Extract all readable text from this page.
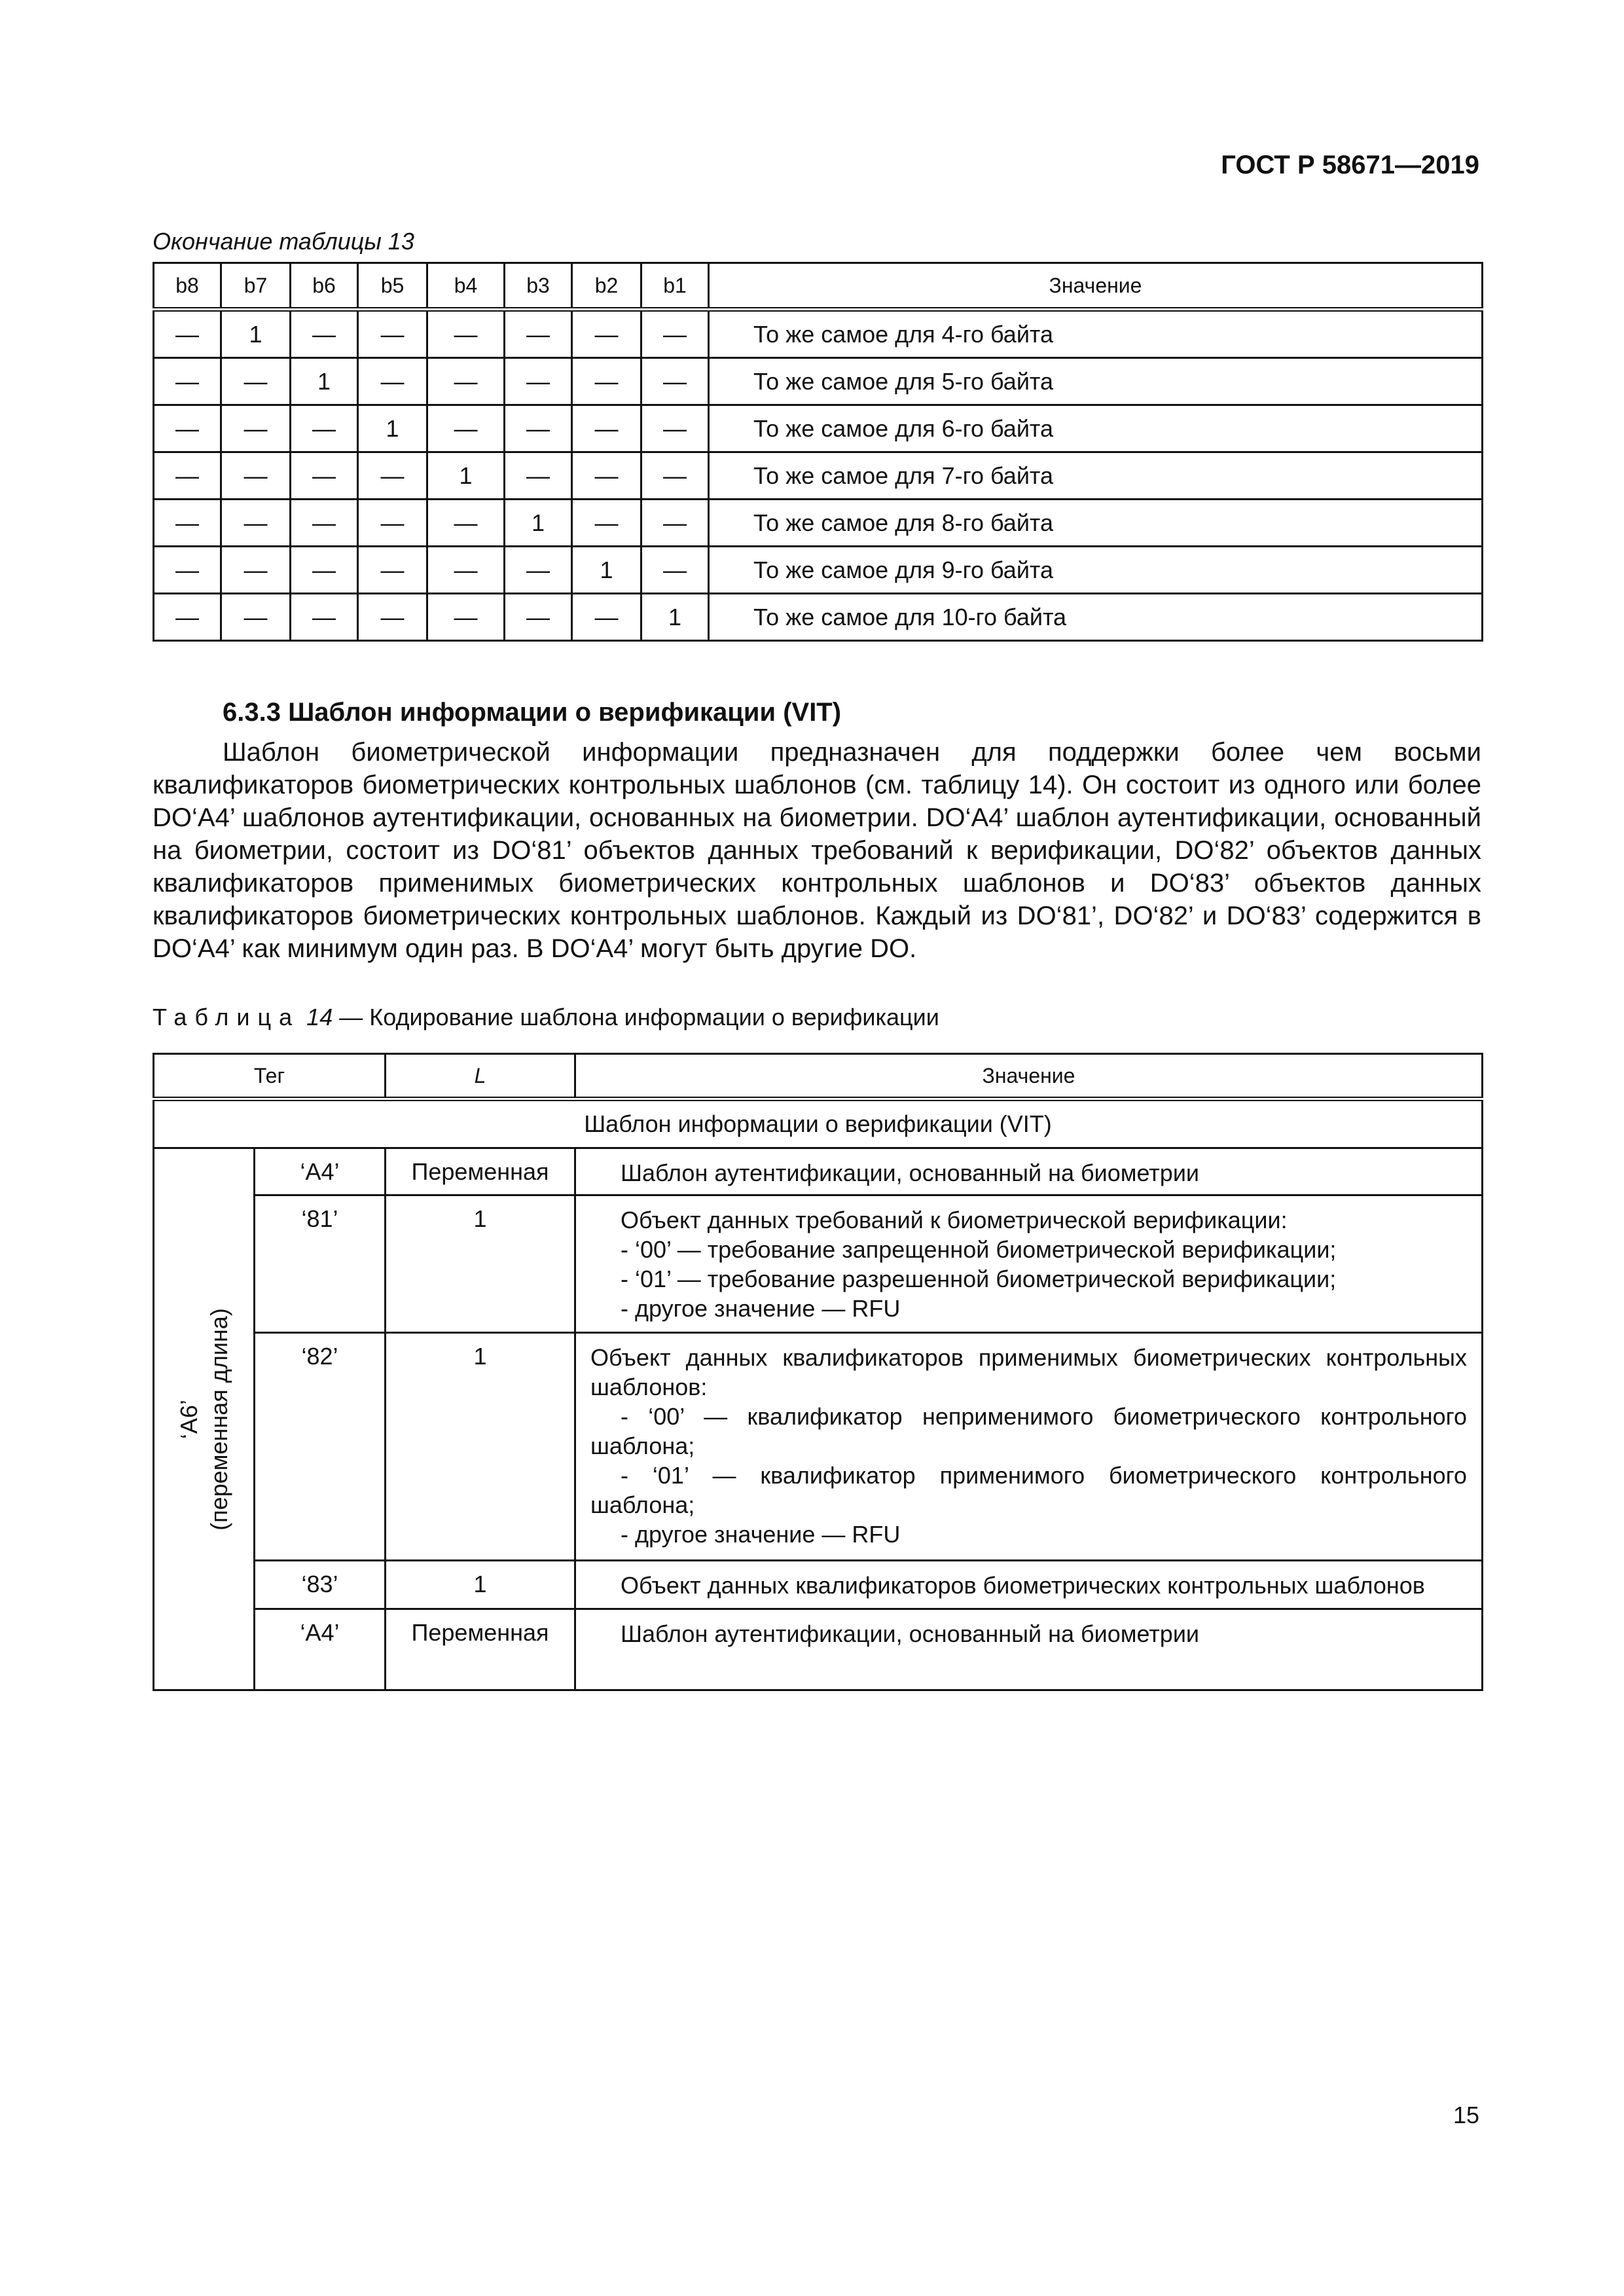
ГОСТ Р 58671—2019
Окончание таблицы 13
b8	b7	b6	b5	b4	b3	b2	b1	Значение
—	1	—	—	—	—	—	—	То же самое для 4-го байта
—	—	1	—	—	—	—	—	То же самое для 5-го байта
—	—	—	1	—	—	—	—	То же самое для 6-го байта
—	—	—	—	1	—	—	—	То же самое для 7-го байта
—	—	—	—	—	1	—	—	То же самое для 8-го байта
—	—	—	—	—	—	1	—	То же самое для 9-го байта
—	—	—	—	—	—	—	1	То же самое для 10-го байта
6.3.3 Шаблон информации о верификации (VIT)

Шаблон биометрической информации предназначен для поддержки более чем восьми квалификаторов биометрических контрольных шаблонов (см. таблицу 14). Он состоит из одного или более DO‘A4’ шаблонов аутентификации, основанных на биометрии. DO‘A4’ шаблон аутентификации, основанный на биометрии, состоит из DO‘81’ объектов данных требований к верификации, DO‘82’ объектов данных квалификаторов применимых биометрических контрольных шаблонов и DO‘83’ объектов данных квалификаторов биометрических контрольных шаблонов. Каждый из DO‘81’, DO‘82’ и DO‘83’ содержится в DO‘A4’ как минимум один раз. В DO‘A4’ могут быть другие DO.

Таблица 14 — Кодирование шаблона информации о верификации
Тег		L	Значение
Шаблон информации о верификации (VIT)			

‘A6’ (переменная длина)	‘A4’	Переменная	Шаблон аутентификации, основанный на биометрии

	‘81’	1	Объект данных требований к биометрической верификации:
- ‘00’ — требование запрещенной биометрической верификации;
- ‘01’ — требование разрешенной биометрической верификации;
- другое значение — RFU

	‘82’	1	Объект данных квалификаторов применимых биометрических контрольных шаблонов:
- ‘00’ — квалификатор неприменимого биометрического контрольного шаблона;
- ‘01’ — квалификатор применимого биометрического контрольного шаблона;
- другое значение — RFU

	‘83’	1	Объект данных квалификаторов биометрических контрольных шаблонов

	‘A4’	Переменная	Шаблон аутентификации, основанный на биометрии
15
